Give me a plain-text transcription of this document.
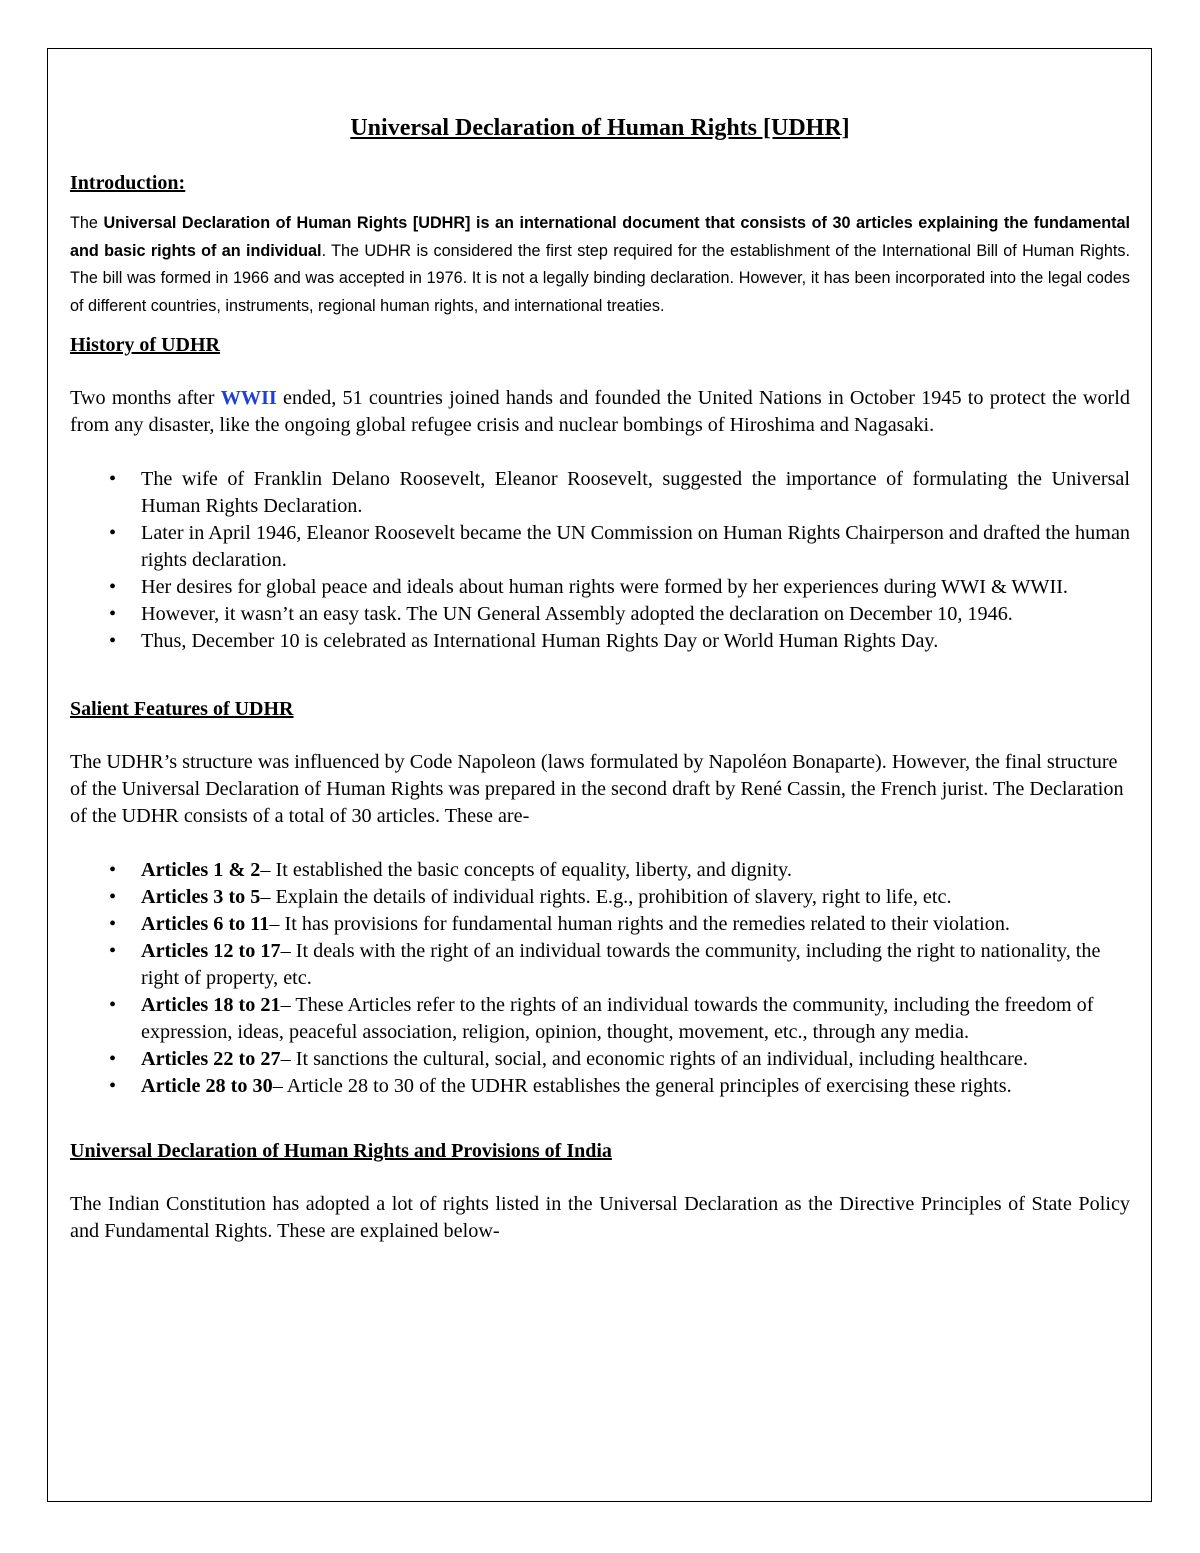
Universal Declaration of Human Rights [UDHR]
Introduction:

The Universal Declaration of Human Rights [UDHR] is an international document that consists of 30 articles explaining the fundamental and basic rights of an individual. The UDHR is considered the first step required for the establishment of the International Bill of Human Rights. The bill was formed in 1966 and was accepted in 1976. It is not a legally binding declaration. However, it has been incorporated into the legal codes of different countries, instruments, regional human rights, and international treaties.

History of UDHR

Two months after WWII ended, 51 countries joined hands and founded the United Nations in October 1945 to protect the world from any disaster, like the ongoing global refugee crisis and nuclear bombings of Hiroshima and Nagasaki.

• The wife of Franklin Delano Roosevelt, Eleanor Roosevelt, suggested the importance of formulating the Universal Human Rights Declaration.
• Later in April 1946, Eleanor Roosevelt became the UN Commission on Human Rights Chairperson and drafted the human rights declaration.
• Her desires for global peace and ideals about human rights were formed by her experiences during WWI & WWII.
• However, it wasn’t an easy task. The UN General Assembly adopted the declaration on December 10, 1946.
• Thus, December 10 is celebrated as International Human Rights Day or World Human Rights Day.
Salient Features of UDHR

The UDHR’s structure was influenced by Code Napoleon (laws formulated by Napoléon Bonaparte). However, the final structure of the Universal Declaration of Human Rights was prepared in the second draft by René Cassin, the French jurist. The Declaration of the UDHR consists of a total of 30 articles. These are-

• Articles 1 & 2– It established the basic concepts of equality, liberty, and dignity.
• Articles 3 to 5– Explain the details of individual rights. E.g., prohibition of slavery, right to life, etc.
• Articles 6 to 11– It has provisions for fundamental human rights and the remedies related to their violation.
• Articles 12 to 17– It deals with the right of an individual towards the community, including the right to nationality, the right of property, etc.
• Articles 18 to 21– These Articles refer to the rights of an individual towards the community, including the freedom of expression, ideas, peaceful association, religion, opinion, thought, movement, etc., through any media.
• Articles 22 to 27– It sanctions the cultural, social, and economic rights of an individual, including healthcare.
• Article 28 to 30– Article 28 to 30 of the UDHR establishes the general principles of exercising these rights.
Universal Declaration of Human Rights and Provisions of India

The Indian Constitution has adopted a lot of rights listed in the Universal Declaration as the Directive Principles of State Policy and Fundamental Rights. These are explained below-
